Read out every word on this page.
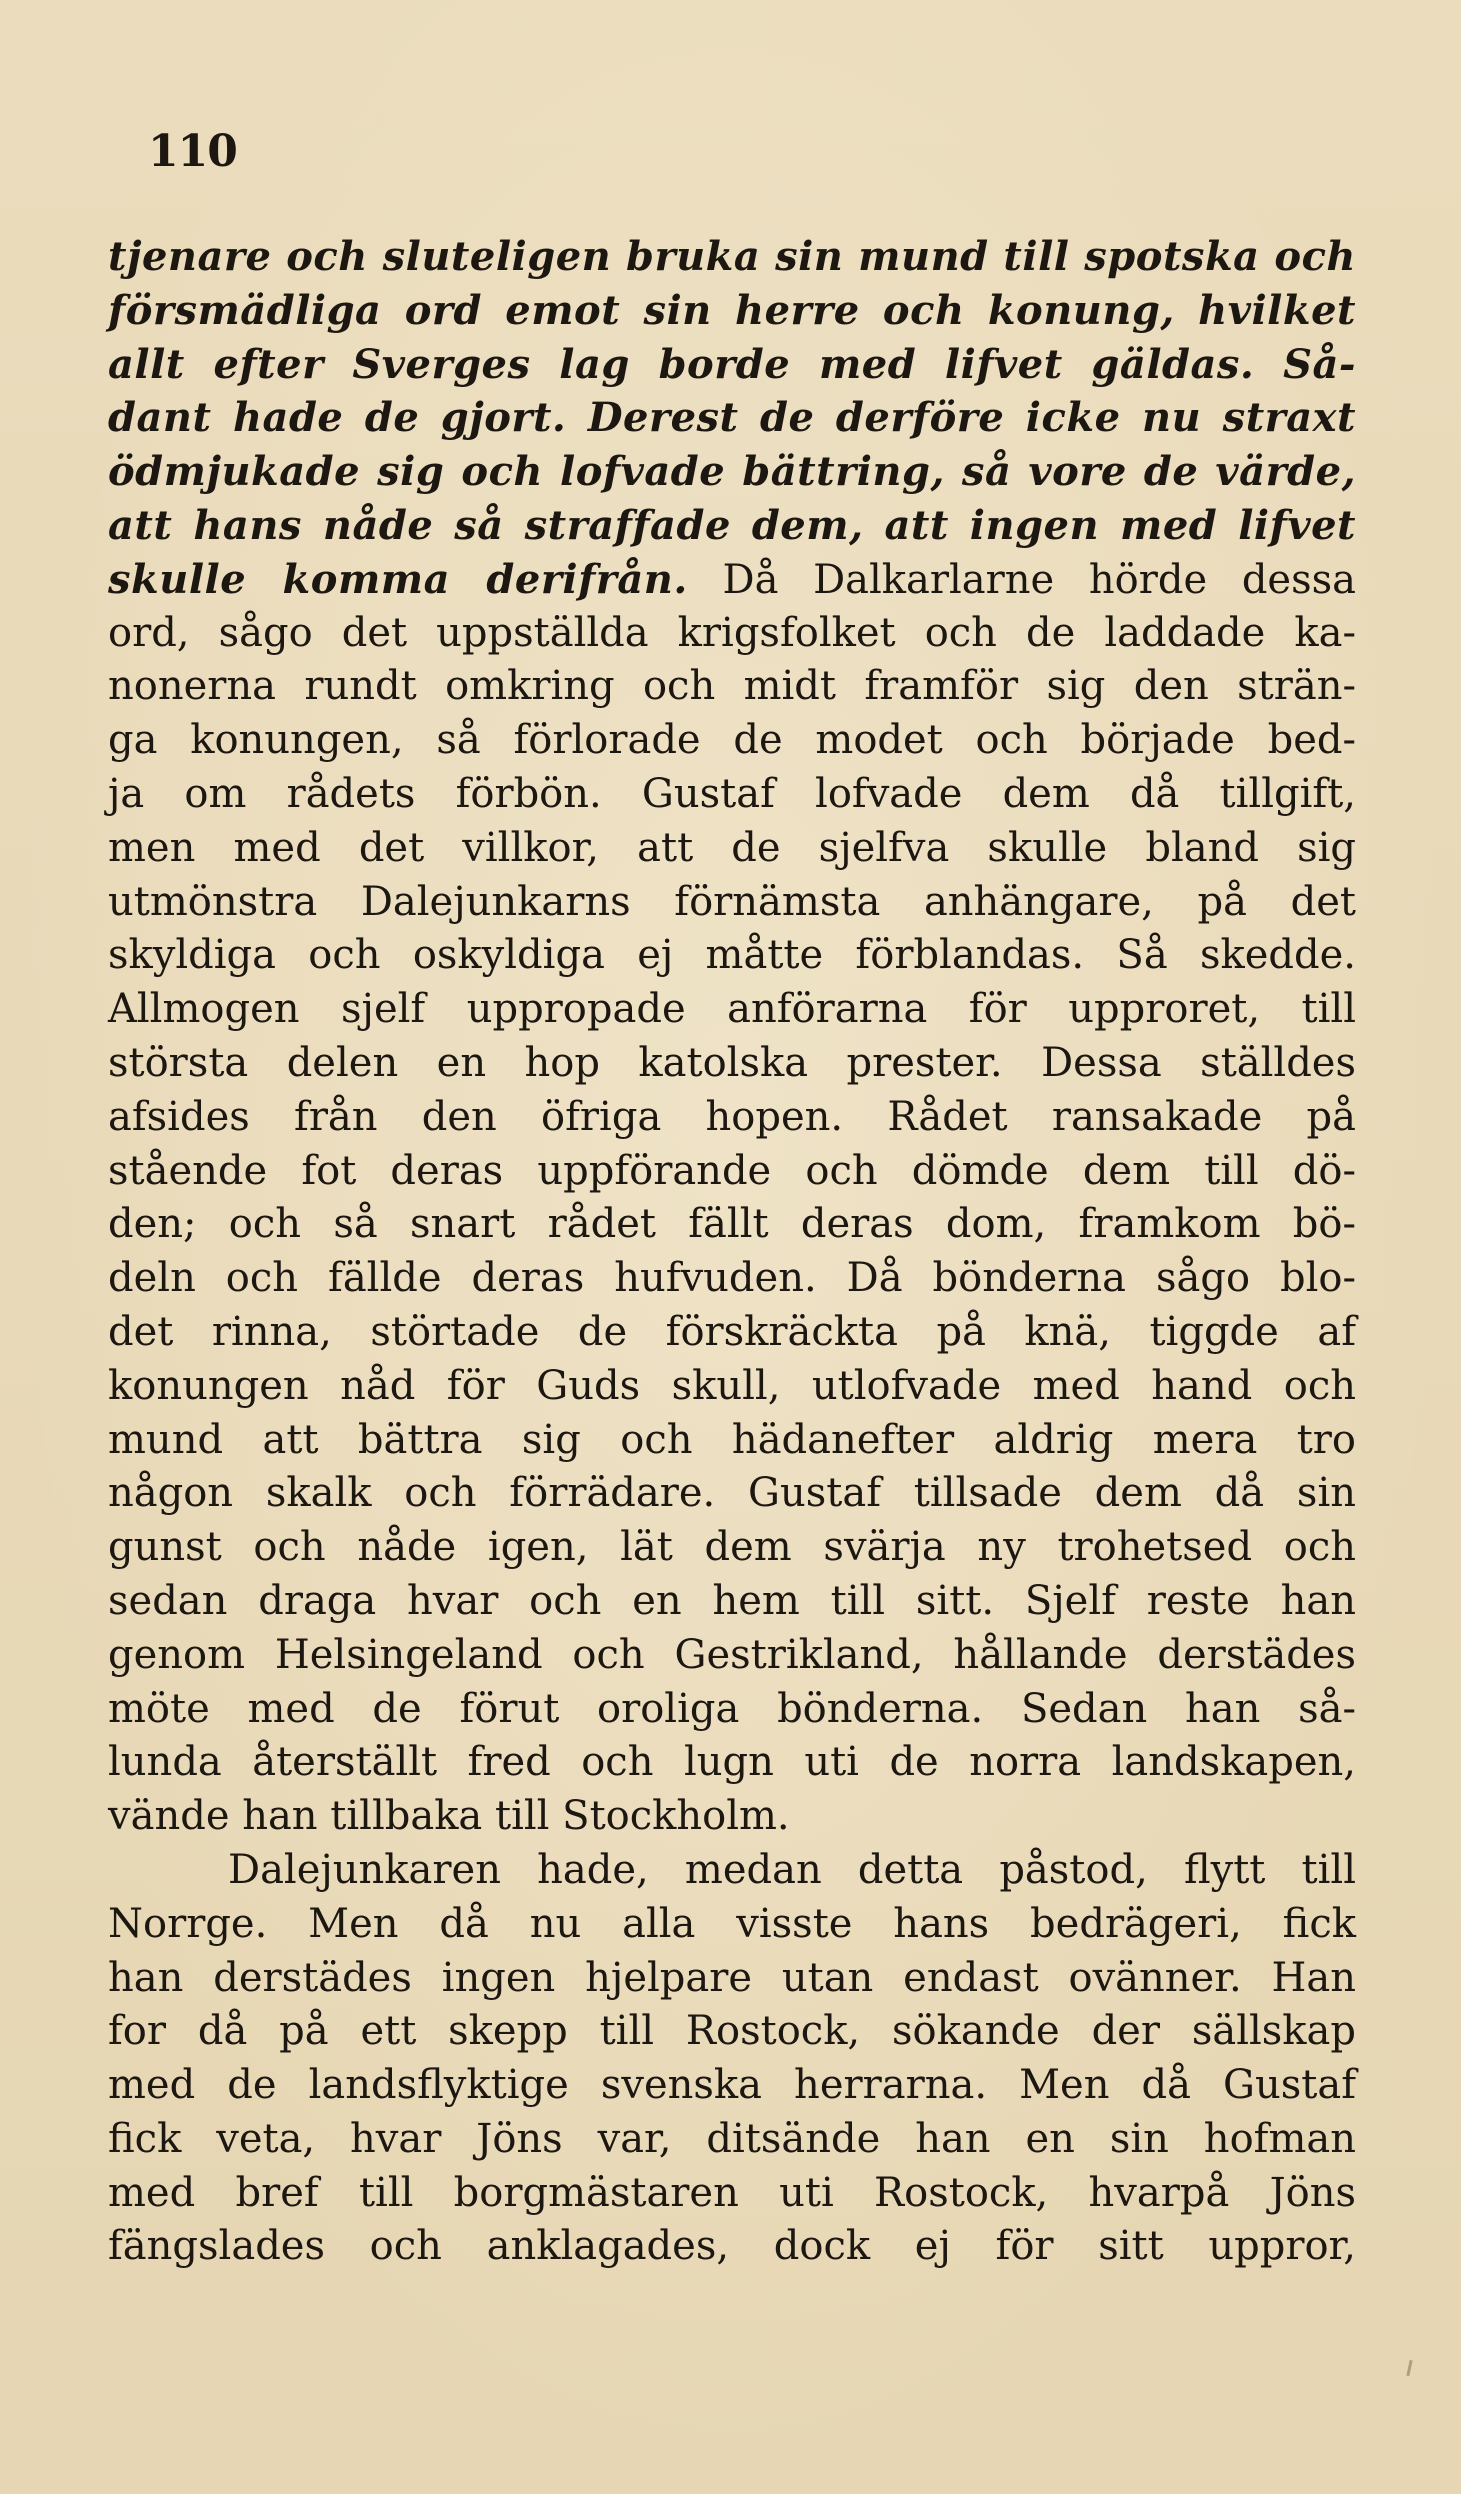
110
tjenare och sluteligen bruka sin mund till spotska och
försmädliga ord emot sin herre och konung, hvilket
allt efter Sverges lag borde med lifvet gäldas. Så-
dant hade de gjort. Derest de derföre icke nu straxt
ödmjukade sig och lofvade bättring, så vore de värde,
att hans nåde så straffade dem, att ingen med lifvet
skulle komma derifrån. Då Dalkarlarne hörde dessa
ord, sågo det uppställda krigsfolket och de laddade ka-
nonerna rundt omkring och midt framför sig den strän-
ga konungen, så förlorade de modet och började bed-
ja om rådets förbön. Gustaf lofvade dem då tillgift,
men med det villkor, att de sjelfva skulle bland sig
utmönstra Dalejunkarns förnämsta anhängare, på det
skyldiga och oskyldiga ej måtte förblandas. Så skedde.
Allmogen sjelf uppropade anförarna för upproret, till
största delen en hop katolska prester. Dessa ställdes
afsides från den öfriga hopen. Rådet ransakade på
stående fot deras uppförande och dömde dem till dö-
den; och så snart rådet fällt deras dom, framkom bö-
deln och fällde deras hufvuden. Då bönderna sågo blo-
det rinna, störtade de förskräckta på knä, tiggde af
konungen nåd för Guds skull, utlofvade med hand och
mund att bättra sig och hädanefter aldrig mera tro
någon skalk och förrädare. Gustaf tillsade dem då sin
gunst och nåde igen, lät dem svärja ny trohetsed och
sedan draga hvar och en hem till sitt. Sjelf reste han
genom Helsingeland och Gestrikland, hållande derstädes
möte med de förut oroliga bönderna. Sedan han så-
lunda återställt fred och lugn uti de norra landskapen,
vände han tillbaka till Stockholm.
Dalejunkaren hade, medan detta påstod, flytt till
Norrge. Men då nu alla visste hans bedrägeri, fick
han derstädes ingen hjelpare utan endast ovänner. Han
for då på ett skepp till Rostock, sökande der sällskap
med de landsflyktige svenska herrarna. Men då Gustaf
fick veta, hvar Jöns var, ditsände han en sin hofman
med bref till borgmästaren uti Rostock, hvarpå Jöns
fängslades och anklagades, dock ej för sitt uppror,
